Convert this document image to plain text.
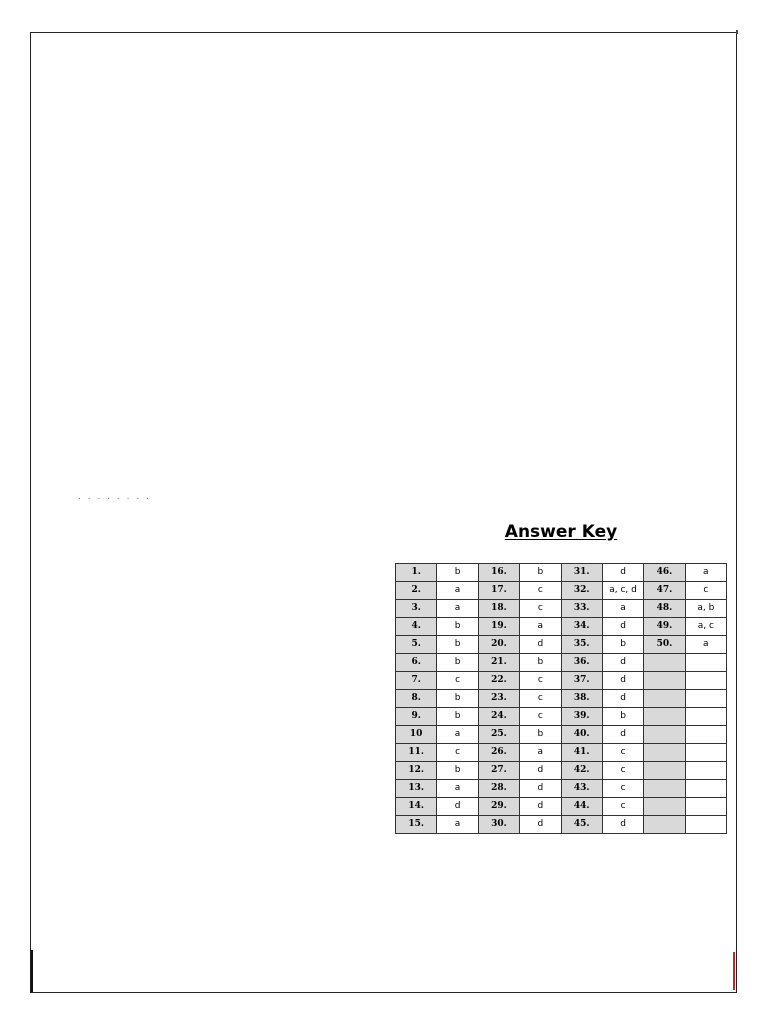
. . . . . . . .
Answer Key
1.	b	16.	b	31.	d	46.	a
2.	a	17.	c	32.	a, c, d	47.	c
3.	a	18.	c	33.	a	48.	a, b
4.	b	19.	a	34.	d	49.	a, c
5.	b	20.	d	35.	b	50.	a
6.	b	21.	b	36.	d		
7.	c	22.	c	37.	d		
8.	b	23.	c	38.	d		
9.	b	24.	c	39.	b		
10	a	25.	b	40.	d		
11.	c	26.	a	41.	c		
12.	b	27.	d	42.	c		
13.	a	28.	d	43.	c		
14.	d	29.	d	44.	c		
15.	a	30.	d	45.	d		
